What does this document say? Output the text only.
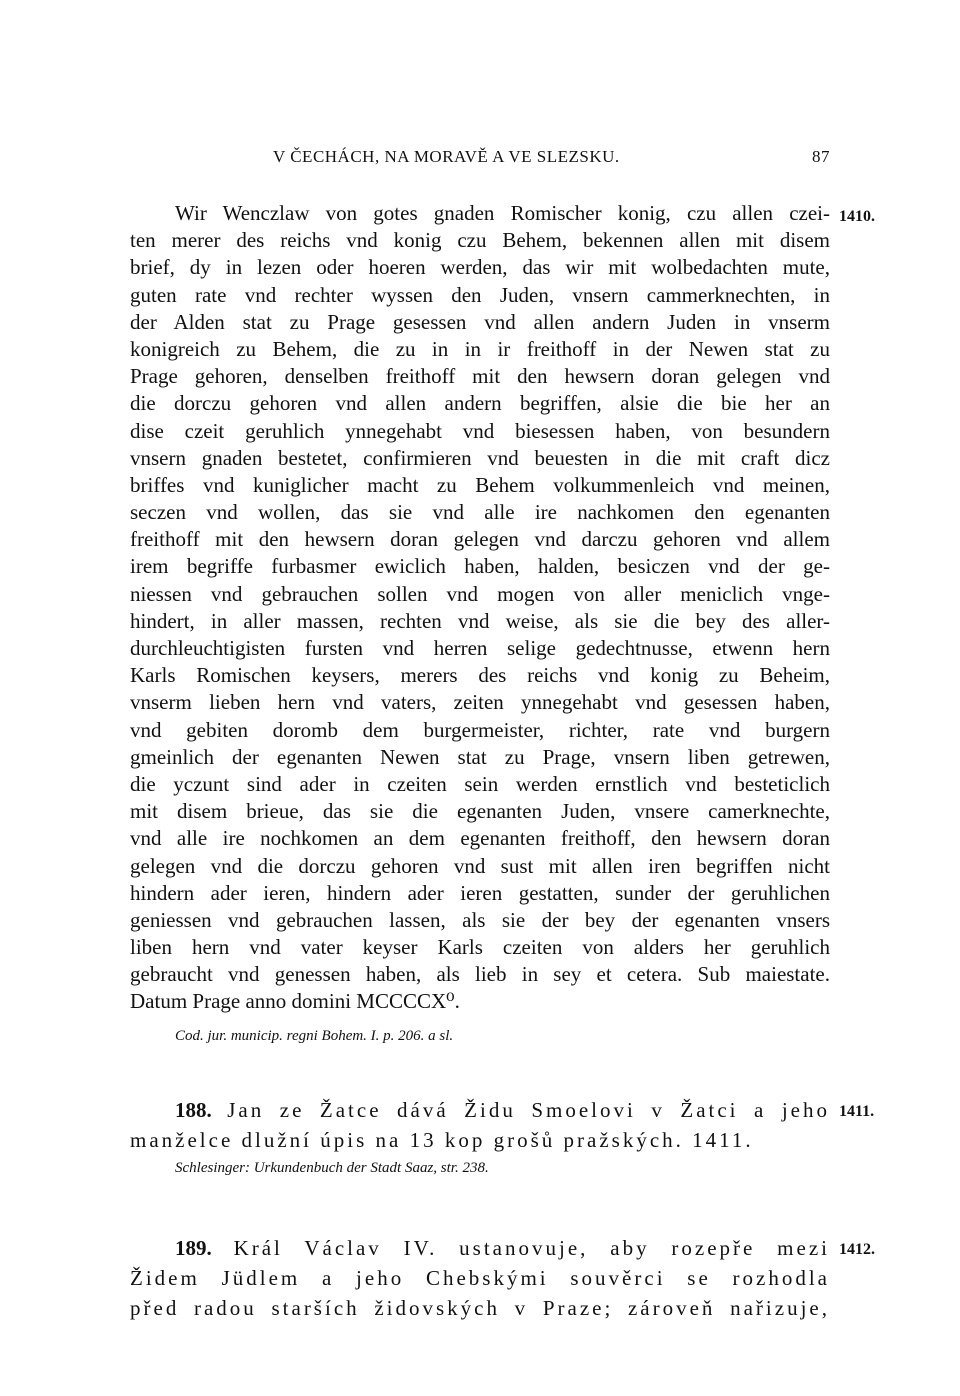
V ČECHÁCH, NA MORAVĚ A VE SLEZSKU.	87
1410.
Wir Wenczlaw von gotes gnaden Romischer konig, czu allen czei-
ten merer des reichs vnd konig czu Behem, bekennen allen mit disem
brief, dy in lezen oder hoeren werden, das wir mit wolbedachten mute,
guten rate vnd rechter wyssen den Juden, vnsern cammerknechten, in
der Alden stat zu Prage gesessen vnd allen andern Juden in vnserm
konigreich zu Behem, die zu in in ir freithoff in der Newen stat zu
Prage gehoren, denselben freithoff mit den hewsern doran gelegen vnd
die dorczu gehoren vnd allen andern begriffen, alsie die bie her an
dise czeit geruhlich ynnegehabt vnd biesessen haben, von besundern
vnsern gnaden bestetet, confirmieren vnd beuesten in die mit craft dicz
briffes vnd kuniglicher macht zu Behem volkummenleich vnd meinen,
seczen vnd wollen, das sie vnd alle ire nachkomen den egenanten
freithoff mit den hewsern doran gelegen vnd darczu gehoren vnd allem
irem begriffe furbasmer ewiclich haben, halden, besiczen vnd der ge-
niessen vnd gebrauchen sollen vnd mogen von aller meniclich vnge-
hindert, in aller massen, rechten vnd weise, als sie die bey des aller-
durchleuchtigisten fursten vnd herren selige gedechtnusse, etwenn hern
Karls Romischen keysers, merers des reichs vnd konig zu Beheim,
vnserm lieben hern vnd vaters, zeiten ynnegehabt vnd gesessen haben,
vnd gebiten doromb dem burgermeister, richter, rate vnd burgern
gmeinlich der egenanten Newen stat zu Prage, vnsern liben getrewen,
die yczunt sind ader in czeiten sein werden ernstlich vnd besteticlich
mit disem brieue, das sie die egenanten Juden, vnsere camerknechte,
vnd alle ire nochkomen an dem egenanten freithoff, den hewsern doran
gelegen vnd die dorczu gehoren vnd sust mit allen iren begriffen nicht
hindern ader ieren, hindern ader ieren gestatten, sunder der geruhlichen
geniessen vnd gebrauchen lassen, als sie der bey der egenanten vnsers
liben hern vnd vater keyser Karls czeiten von alders her geruhlich
gebraucht vnd genessen haben, als lieb in sey et cetera. Sub maiestate.
Datum Prage anno domini MCCCCX⁰.
Cod. jur. municip. regni Bohem. I. p. 206. a sl.
1411.
188. Jan ze Žatce dává Židu Smoelovi v Žatci a jeho
manželce dlužní úpis na 13 kop grošů pražských. 1411.
Schlesinger: Urkundenbuch der Stadt Saaz, str. 238.
1412.
189. Král Václav IV. ustanovuje, aby rozepře mezi
Židem Jüdlem a jeho Chebskými souvěrci se rozhodla
před radou starších židovských v Praze; zároveň nařizuje,
